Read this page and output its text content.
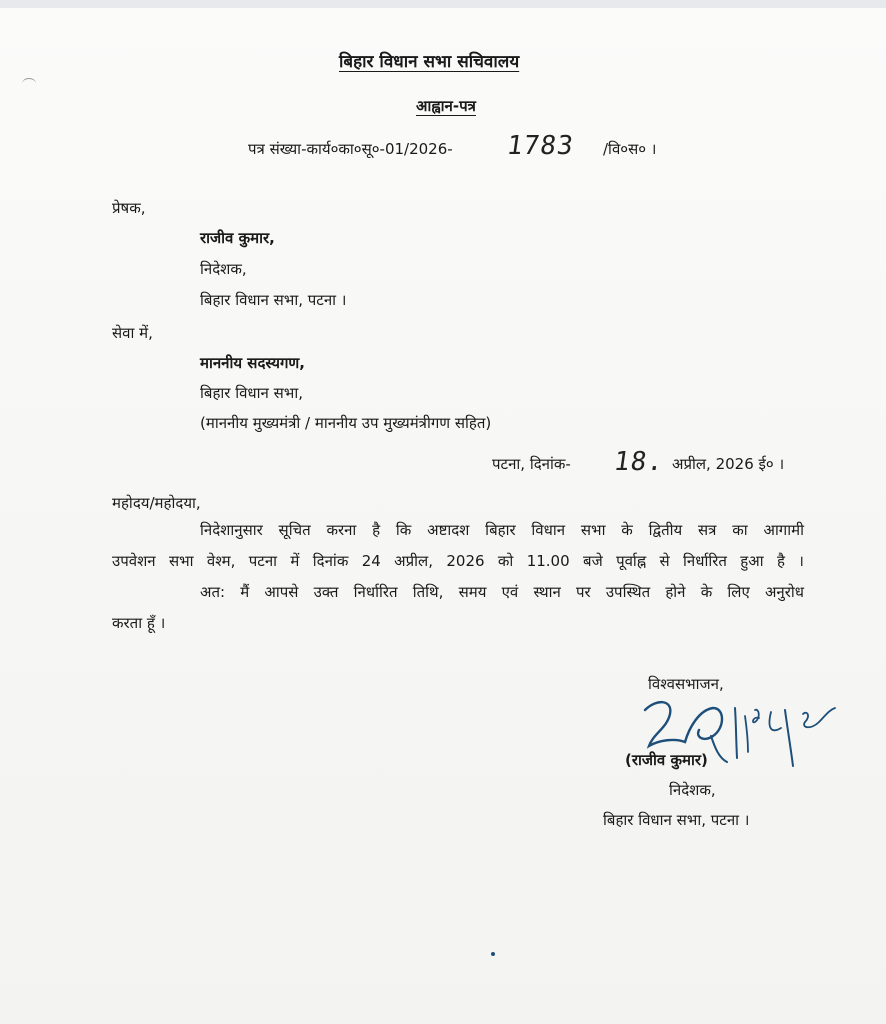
बिहार विधान सभा सचिवालय
आह्वान-पत्र
पत्र संख्या-कार्य०का०सू०-01/2026- 1783 /वि०स० ।
प्रेषक,
राजीव कुमार,
निदेशक,
बिहार विधान सभा, पटना ।
सेवा में,
माननीय सदस्यगण,
बिहार विधान सभा,
(माननीय मुख्यमंत्री / माननीय उप मुख्यमंत्रीगण सहित)
पटना, दिनांक- 18. अप्रील, 2026 ई० ।
महोदय/महोदया,
निदेशानुसार सूचित करना है कि अष्टादश बिहार विधान सभा के द्वितीय सत्र का आगामी
उपवेशन सभा वेश्म, पटना में दिनांक 24 अप्रील, 2026 को 11.00 बजे पूर्वाह्न से निर्धारित हुआ है ।
अत: मैं आपसे उक्त निर्धारित तिथि, समय एवं स्थान पर उपस्थित होने के लिए अनुरोध
करता हूँ ।
विश्वसभाजन,
(राजीव कुमार)
निदेशक,
बिहार विधान सभा, पटना ।
